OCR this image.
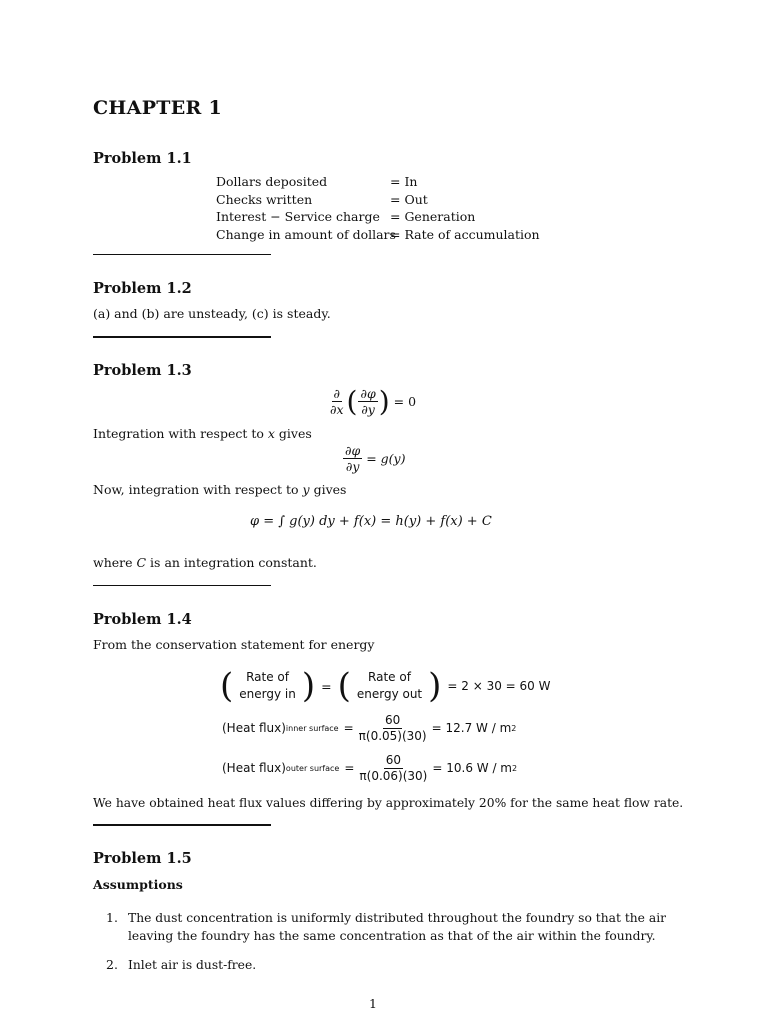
CHAPTER 1
Problem 1.1
Dollars deposited	= In
Checks written	= Out
Interest − Service charge = Generation
Change in amount of dollars
= Rate of accumulation
Problem 1.2
(a) and (b) are unsteady, (c) is steady.
Problem 1.3
$\frac{\partial}{\partial x}$ ( $\frac{\partial\varphi}{\partial y}$ ) = 0
Integration with respect to x gives
$\frac{\partial\varphi}{\partial y} = g(y)$
Now, integration with respect to y gives
φ = ∫ g(y) dy + f(x) = h(y) + f(x) + C
where C is an integration constant.
Problem 1.4
From the conservation statement for energy
( Rate of
energy in ) = ( Rate of
energy out ) = 2 × 30 = 60 W
(Heat flux) inner surface = $\frac{60}{\pi(0.05)(30)} = 12.7$ W / m 2
(Heat flux) outer surface = $\frac{60}{\pi(0.06)(30)} = 10.6$ W / m 2
We have obtained heat flux values differing by approximately 20% for the same heat flow rate.
Problem 1.5
Assumptions
1. The dust concentration is uniformly distributed throughout the foundry so that the air
leaving the foundry has the same concentration as that of the air within the foundry.
2. Inlet air is dust-free.
1
